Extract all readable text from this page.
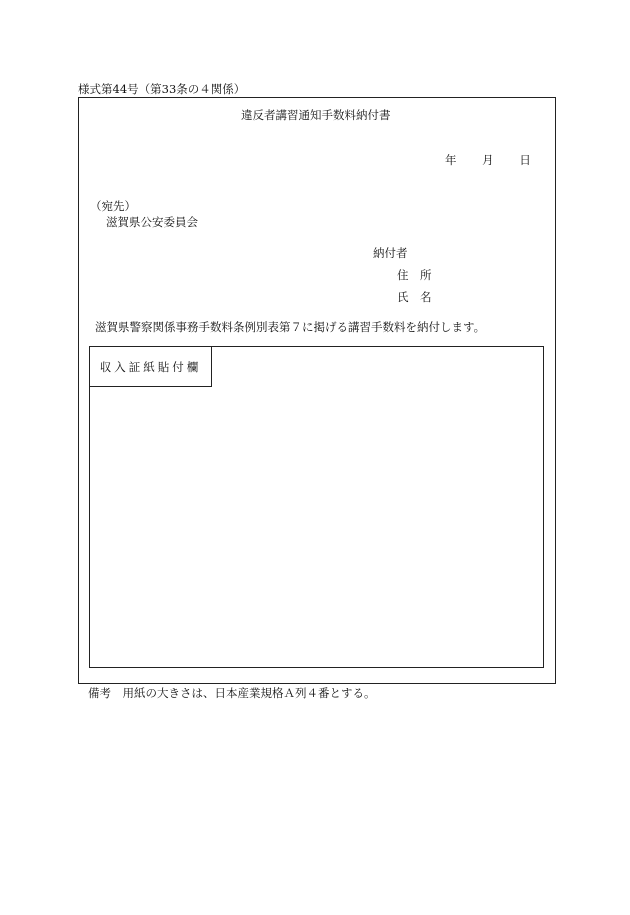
様式第44号（第33条の４関係）
違反者講習通知手数料納付書
年 月 日
（宛先）
滋賀県公安委員会
納付者
住　所
氏　名
滋賀県警察関係事務手数料条例別表第７に掲げる講習手数料を納付します。
収入証紙貼付欄
備考　用紙の大きさは、日本産業規格Ａ列４番とする。
